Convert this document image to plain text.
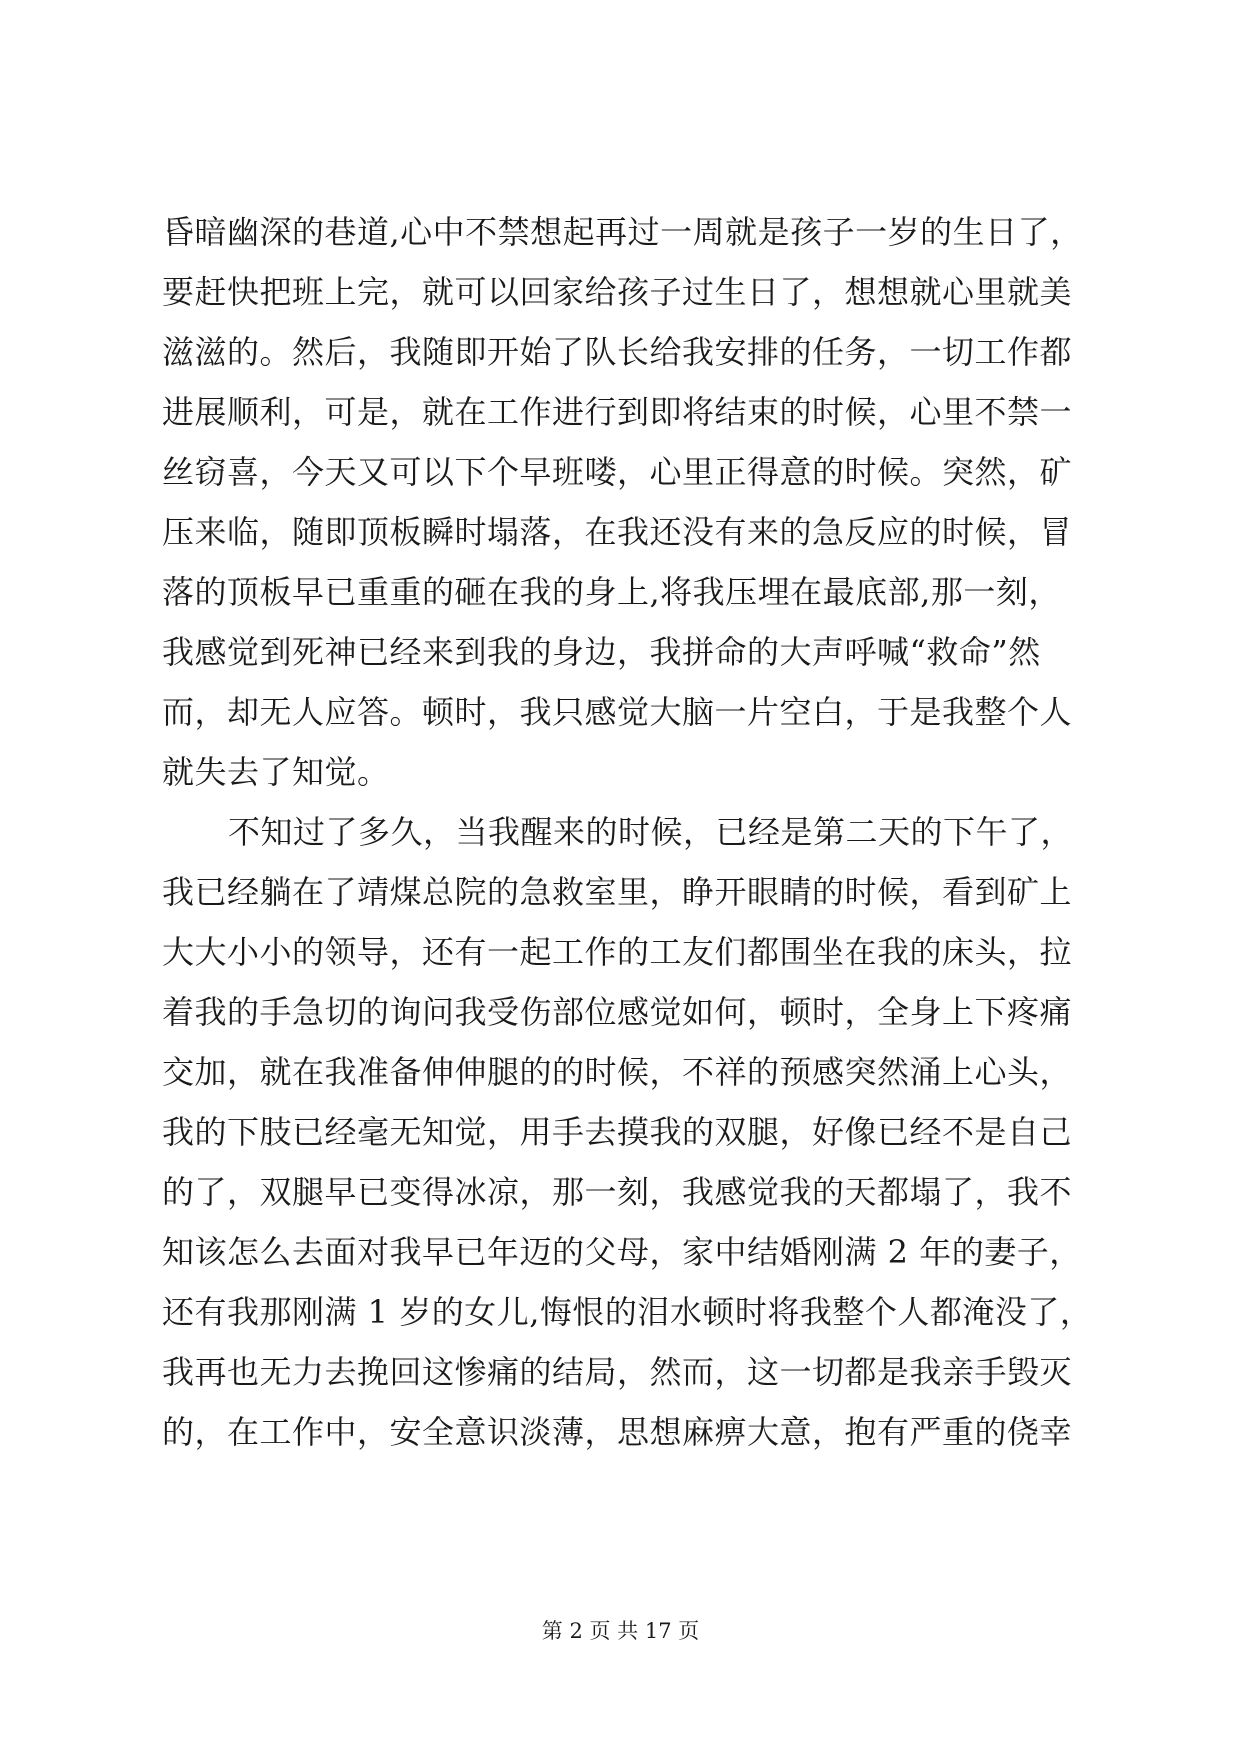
昏暗幽深的巷道,心中不禁想起再过一周就是孩子一岁的生日了，
要赶快把班上完，就可以回家给孩子过生日了，想想就心里就美
滋滋的。然后，我随即开始了队长给我安排的任务，一切工作都
进展顺利，可是，就在工作进行到即将结束的时候，心里不禁一
丝窃喜，今天又可以下个早班喽，心里正得意的时候。突然，矿
压来临，随即顶板瞬时塌落，在我还没有来的急反应的时候，冒
落的顶板早已重重的砸在我的身上,将我压埋在最底部,那一刻，
我感觉到死神已经来到我的身边，我拼命的大声呼喊“救命”然
而，却无人应答。顿时，我只感觉大脑一片空白，于是我整个人
就失去了知觉。
不知过了多久，当我醒来的时候，已经是第二天的下午了，
我已经躺在了靖煤总院的急救室里，睁开眼睛的时候，看到矿上
大大小小的领导，还有一起工作的工友们都围坐在我的床头，拉
着我的手急切的询问我受伤部位感觉如何，顿时，全身上下疼痛
交加，就在我准备伸伸腿的的时候，不祥的预感突然涌上心头，
我的下肢已经毫无知觉，用手去摸我的双腿，好像已经不是自己
的了，双腿早已变得冰凉，那一刻，我感觉我的天都塌了，我不
知该怎么去面对我早已年迈的父母，家中结婚刚满 2 年的妻子，
还有我那刚满 1 岁的女儿,悔恨的泪水顿时将我整个人都淹没了，
我再也无力去挽回这惨痛的结局，然而，这一切都是我亲手毁灭
的，在工作中，安全意识淡薄，思想麻痹大意，抱有严重的侥幸
第 2 页 共 17 页
